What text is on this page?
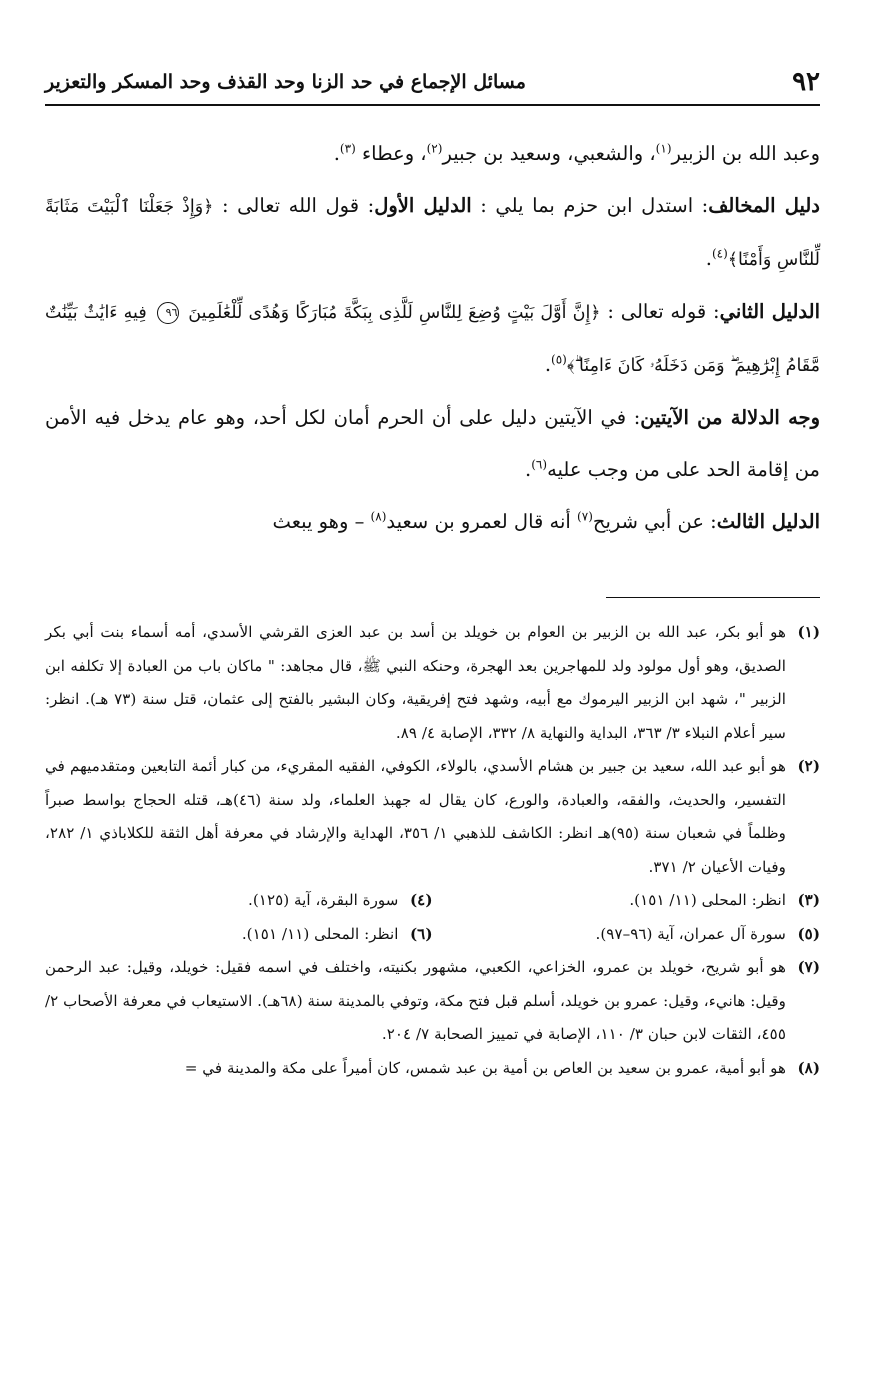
٩٢
مسائل الإجماع في حد الزنا وحد القذف وحد المسكر والتعزير

وعبد الله بن الزبير$^{(١)}$، والشعبي، وسعيد بن جبير$^{(٢)}$، وعطاء $^{(٣)}$.

دليل المخالف: استدل ابن حزم بما يلي : الدليل الأول: قول الله تعالى : ﴿وَإِذْ جَعَلْنَا ٱلْبَيْتَ مَثَابَةً لِّلنَّاسِ وَأَمْنًا﴾$^{(٤)}$.

الدليل الثاني: قوله تعالى : ﴿إِنَّ أَوَّلَ بَيْتٍ وُضِعَ لِلنَّاسِ لَلَّذِى بِبَكَّةَ مُبَارَكًا وَهُدًى لِّلْعَٰلَمِينَ ٩٦ فِيهِ ءَايَٰتٌۢ بَيِّنَٰتٌ مَّقَامُ إِبْرَٰهِيمَ ۖ وَمَن دَخَلَهُۥ كَانَ ءَامِنًا ۗ﴾$^{(٥)}$.

وجه الدلالة من الآيتين: في الآيتين دليل على أن الحرم أمان لكل أحد، وهو عام يدخل فيه الأمن من إقامة الحد على من وجب عليه$^{(٦)}$.

الدليل الثالث: عن أبي شريح$^{(٧)}$ أنه قال لعمرو بن سعيد$^{(٨)}$ – وهو يبعث

(١)
هو أبو بكر، عبد الله بن الزبير بن العوام بن خويلد بن أسد بن عبد العزى القرشي الأسدي، أمه أسماء بنت أبي بكر الصديق، وهو أول مولود ولد للمهاجرين بعد الهجرة، وحنكه النبي ﷺ، قال مجاهد: " ماكان باب من العبادة إلا تكلفه ابن الزبير "، شهد ابن الزبير اليرموك مع أبيه، وشهد فتح إفريقية، وكان البشير بالفتح إلى عثمان، قتل سنة (٧٣ هـ). انظر: سير أعلام النبلاء ٣/ ٣٦٣، البداية والنهاية ٨/ ٣٣٢، الإصابة ٤/ ٨٩.
(٢)
هو أبو عبد الله، سعيد بن جبير بن هشام الأسدي، بالولاء، الكوفي، الفقيه المقريء، من كبار أئمة التابعين ومتقدميهم في التفسير، والحديث، والفقه، والعبادة، والورع، كان يقال له جهبذ العلماء، ولد سنة (٤٦)هـ، قتله الحجاج بواسط صبراً وظلماً في شعبان سنة (٩٥)هـ انظر: الكاشف للذهبي ١/ ٣٥٦، الهداية والإرشاد في معرفة أهل الثقة للكلاباذي ١/ ٢٨٢، وفيات الأعيان ٢/ ٣٧١.
(٣)
انظر: المحلى (١١/ ١٥١).
(٤)
سورة البقرة، آية (١٢٥).
(٥)
سورة آل عمران، آية (٩٦–٩٧).
(٦)
انظر: المحلى (١١/ ١٥١).
(٧)
هو أبو شريح، خويلد بن عمرو، الخزاعي، الكعبي، مشهور بكنيته، واختلف في اسمه فقيل: خويلد، وقيل: عبد الرحمن وقيل: هانيء، وقيل: عمرو بن خويلد، أسلم قبل فتح مكة، وتوفي بالمدينة سنة (٦٨هـ). الاستيعاب في معرفة الأصحاب ٢/ ٤٥٥، الثقات لابن حبان ٣/ ١١٠، الإصابة في تمييز الصحابة ٧/ ٢٠٤.
(٨)
هو أبو أمية، عمرو بن سعيد بن العاص بن أمية بن عبد شمس، كان أميراً على مكة والمدينة في =
